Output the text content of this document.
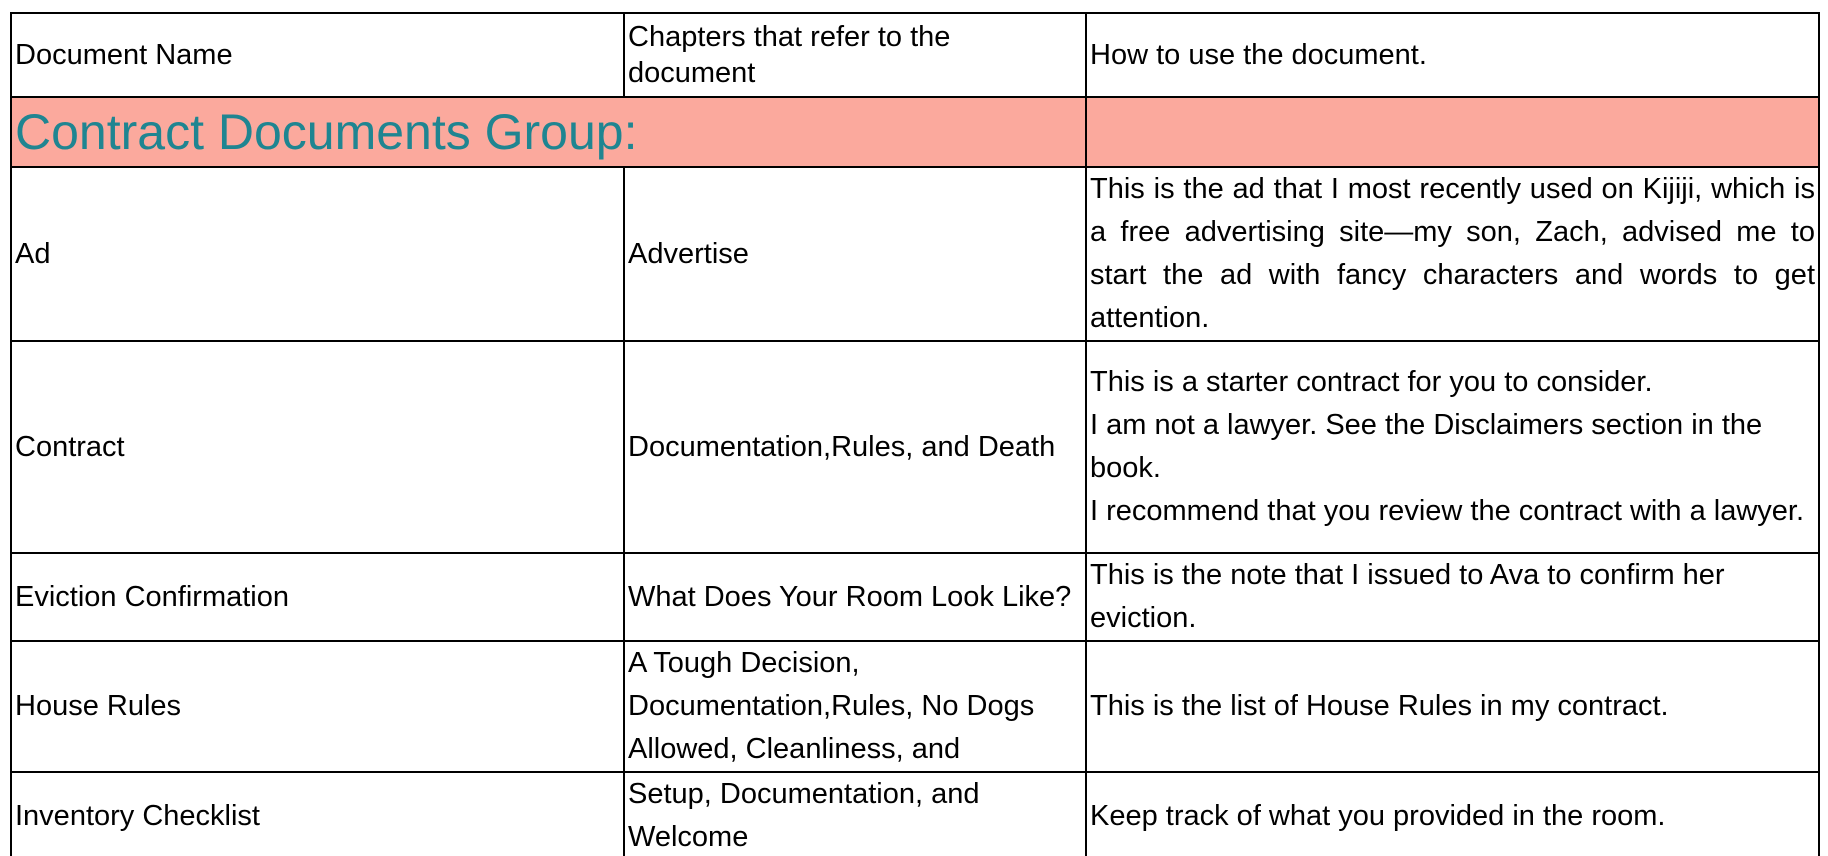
Document Name	Chapters that refer to the document	How to use the document.
Contract Documents Group:		
Ad	Advertise	This is the ad that I most recently used on Kijiji, which is a free advertising site—my son, Zach, advised me to start the ad with fancy characters and words to get attention.
Contract	Documentation,Rules, and Death	This is a starter contract for you to consider.
I am not a lawyer. See the Disclaimers section in the book.
I recommend that you review the contract with a lawyer.

Eviction Confirmation	What Does Your Room Look Like?	This is the note that I issued to Ava to confirm her eviction.
House Rules	A Tough Decision, Documentation,Rules, No Dogs Allowed, Cleanliness, and	This is the list of House Rules in my contract.
Inventory Checklist	Setup, Documentation, and Welcome	Keep track of what you provided in the room.
